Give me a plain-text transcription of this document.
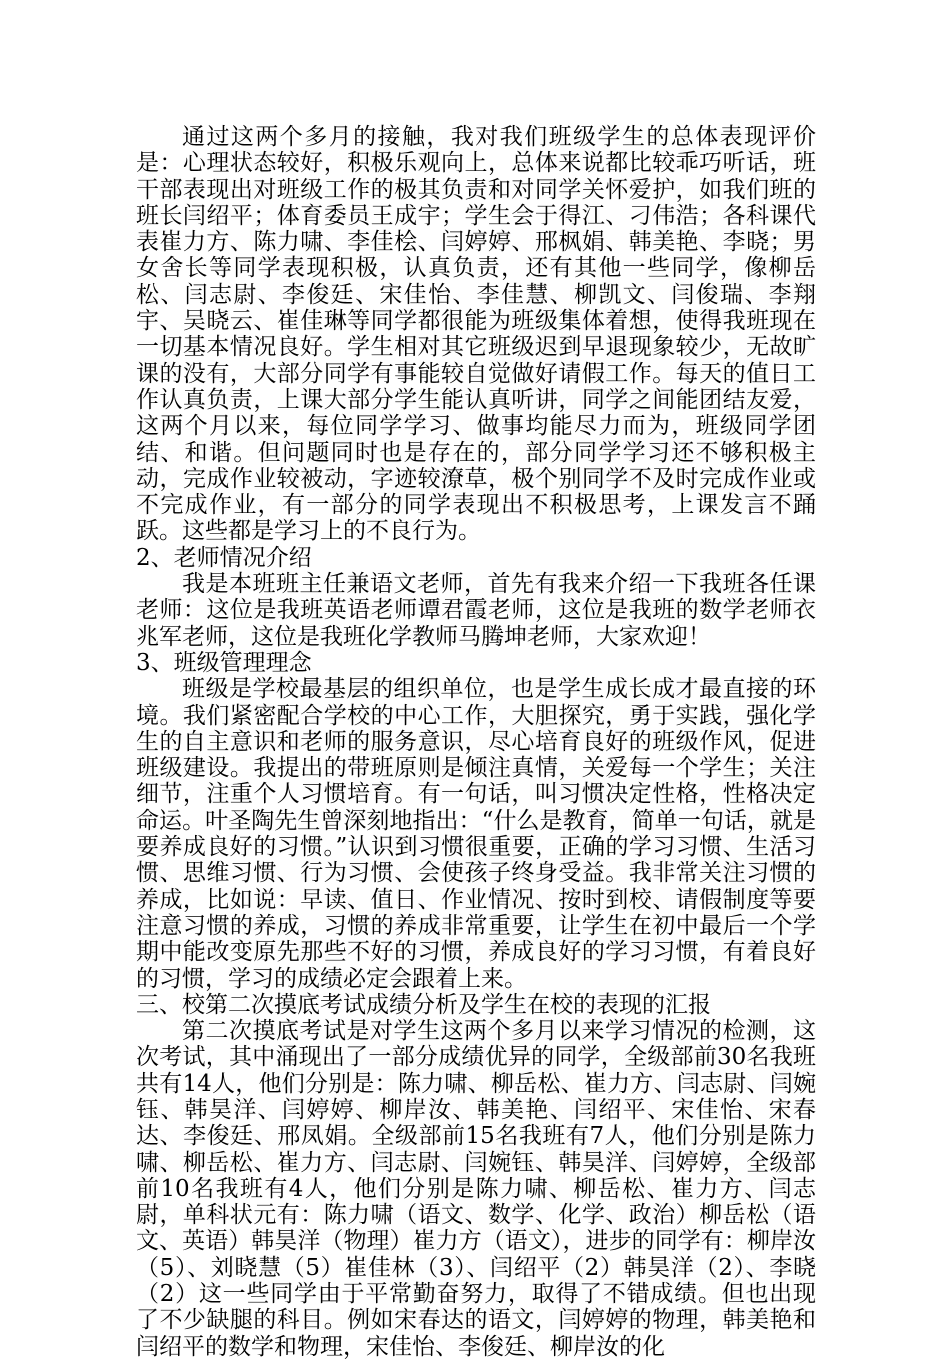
通过这两个多月的接触，我对我们班级学生的总体表现评价是：心理状态较好，积极乐观向上，总体来说都比较乖巧听话，班干部表现出对班级工作的极其负责和对同学关怀爱护，如我们班的班长闫绍平；体育委员王成宇；学生会于得江、刁伟浩；各科课代表崔力方、陈力啸、李佳桧、闫婷婷、邢枫娟、韩美艳、李晓；男女舍长等同学表现积极，认真负责，还有其他一些同学，像柳岳松、闫志尉、李俊廷、宋佳怡、李佳慧、柳凯文、闫俊瑞、李翔宇、吴晓云、崔佳琳等同学都很能为班级集体着想，使得我班现在一切基本情况良好。学生相对其它班级迟到早退现象较少，无故旷课的没有，大部分同学有事能较自觉做好请假工作。每天的值日工作认真负责，上课大部分学生能认真听讲，同学之间能团结友爱，这两个月以来，每位同学学习、做事均能尽力而为，班级同学团结、和谐。但问题同时也是存在的，部分同学学习还不够积极主动，完成作业较被动，字迹较潦草，极个别同学不及时完成作业或不完成作业，有一部分的同学表现出不积极思考，上课发言不踊跃。这些都是学习上的不良行为。

2、老师情况介绍

我是本班班主任兼语文老师，首先有我来介绍一下我班各任课老师：这位是我班英语老师谭君霞老师，这位是我班的数学老师衣兆军老师，这位是我班化学教师马腾坤老师，大家欢迎！

3、班级管理理念

班级是学校最基层的组织单位，也是学生成长成才最直接的环境。我们紧密配合学校的中心工作，大胆探究，勇于实践，强化学生的自主意识和老师的服务意识，尽心培育良好的班级作风，促进班级建设。我提出的带班原则是倾注真情，关爱每一个学生；关注细节，注重个人习惯培育。有一句话，叫习惯决定性格，性格决定命运。叶圣陶先生曾深刻地指出：“什么是教育，简单一句话，就是要养成良好的习惯。”认识到习惯很重要，正确的学习习惯、生活习惯、思维习惯、行为习惯、会使孩子终身受益。我非常关注习惯的养成，比如说：早读、值日、作业情况、按时到校、请假制度等要注意习惯的养成，习惯的养成非常重要，让学生在初中最后一个学期中能改变原先那些不好的习惯，养成良好的学习习惯，有着良好的习惯，学习的成绩必定会跟着上来。

三、校第二次摸底考试成绩分析及学生在校的表现的汇报

第二次摸底考试是对学生这两个多月以来学习情况的检测，这次考试，其中涌现出了一部分成绩优异的同学，全级部前30名我班共有14人，他们分别是：陈力啸、柳岳松、崔力方、闫志尉、闫婉钰、韩昊洋、闫婷婷、柳岸汝、韩美艳、闫绍平、宋佳怡、宋春达、李俊廷、邢凤娟。全级部前15名我班有7人，他们分别是陈力啸、柳岳松、崔力方、闫志尉、闫婉钰、韩昊洋、闫婷婷，全级部前10名我班有4人，他们分别是陈力啸、柳岳松、崔力方、闫志尉，单科状元有：陈力啸（语文、数学、化学、政治）柳岳松（语文、英语）韩昊洋（物理）崔力方（语文），进步的同学有：柳岸汝（5）、刘晓慧（5）崔佳林（3）、闫绍平（2）韩昊洋（2）、李晓（2）这一些同学由于平常勤奋努力，取得了不错成绩。但也出现了不少缺腿的科目。例如宋春达的语文，闫婷婷的物理，韩美艳和闫绍平的数学和物理，宋佳怡、李俊廷、柳岸汝的化
